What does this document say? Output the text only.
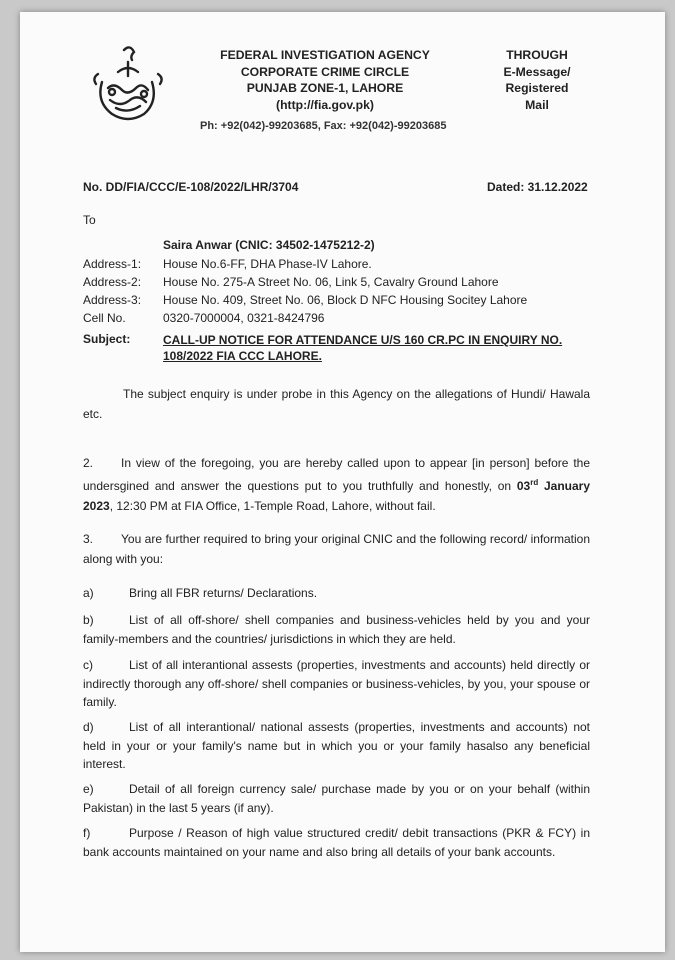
FEDERAL INVESTIGATION AGENCY
CORPORATE CRIME CIRCLE
PUNJAB ZONE-1, LAHORE
(http://fia.gov.pk)
THROUGH
E-Message/
Registered
Mail
Ph: +92(042)-99203685, Fax: +92(042)-99203685
No. DD/FIA/CCC/E-108/2022/LHR/3704	Dated: 31.12.2022
To
Saira Anwar (CNIC: 34502-1475212-2)
Address-1: House No.6-FF, DHA Phase-IV Lahore.
Address-2: House No. 275-A Street No. 06, Link 5, Cavalry Ground Lahore
Address-3: House No. 409, Street No. 06, Block D NFC Housing Socitey Lahore
Cell No.	0320-7000004, 0321-8424796
Subject:	CALL-UP NOTICE FOR ATTENDANCE U/S 160 CR.PC IN ENQUIRY NO. 108/2022 FIA CCC LAHORE.
The subject enquiry is under probe in this Agency on the allegations of Hundi/ Hawala etc.
2. In view of the foregoing, you are hereby called upon to appear [in person] before the undersgined and answer the questions put to you truthfully and honestly, on 03rd January 2023, 12:30 PM at FIA Office, 1-Temple Road, Lahore, without fail.
3. You are further required to bring your original CNIC and the following record/ information along with you:
a)	Bring all FBR returns/ Declarations.
b)	List of all off-shore/ shell companies and business-vehicles held by you and your family-members and the countries/ jurisdictions in which they are held.
c)	List of all interantional assests (properties, investments and accounts) held directly or indirectly thorough any off-shore/ shell companies or business-vehicles, by you, your spouse or family.
d)	List of all interantional/ national assests (properties, investments and accounts) not held in your or your family's name but in which you or your family hasalso any beneficial interest.
e)	Detail of all foreign currency sale/ purchase made by you or on your behalf (within Pakistan) in the last 5 years (if any).
f)	Purpose / Reason of high value structured credit/ debit transactions (PKR & FCY) in bank accounts maintained on your name and also bring all details of your bank accounts.
